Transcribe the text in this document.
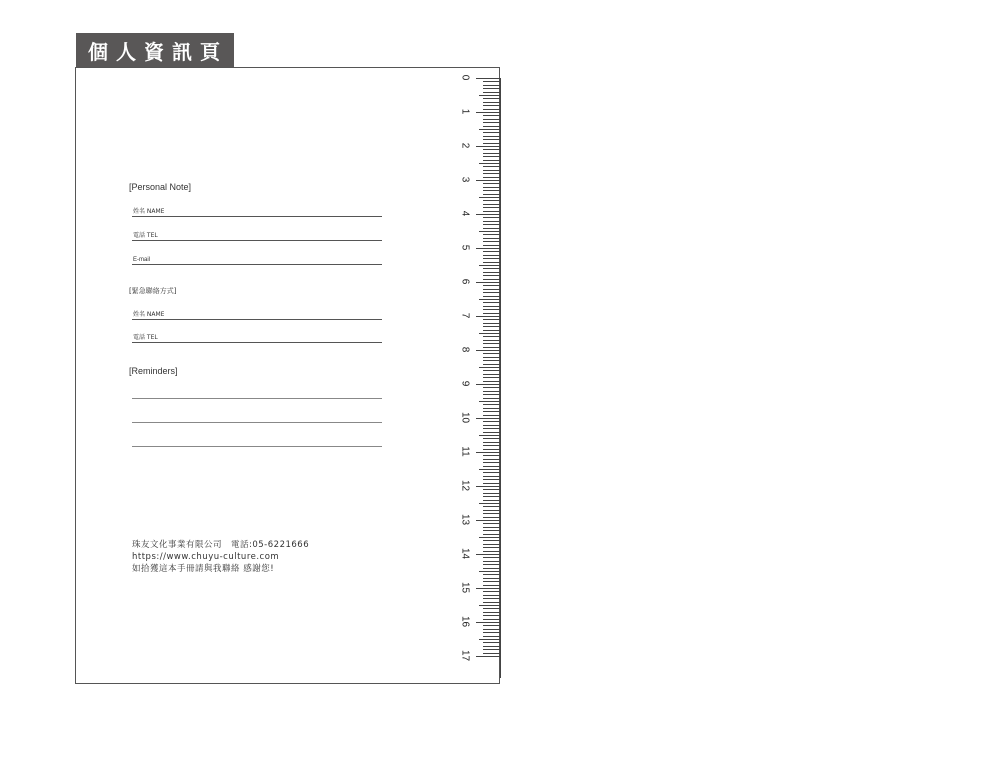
個人資訊頁
[Personal Note]
姓名 NAME
電話 TEL
E-mail
[緊急聯絡方式]
姓名 NAME
電話 TEL
[Reminders]
珠友文化事業有限公司　電話:05-6221666
https://www.chuyu-culture.com
如拾獲這本手冊請與我聯絡 感謝您!
0
1
2
3
4
5
6
7
8
9
10
11
12
13
14
15
16
17
